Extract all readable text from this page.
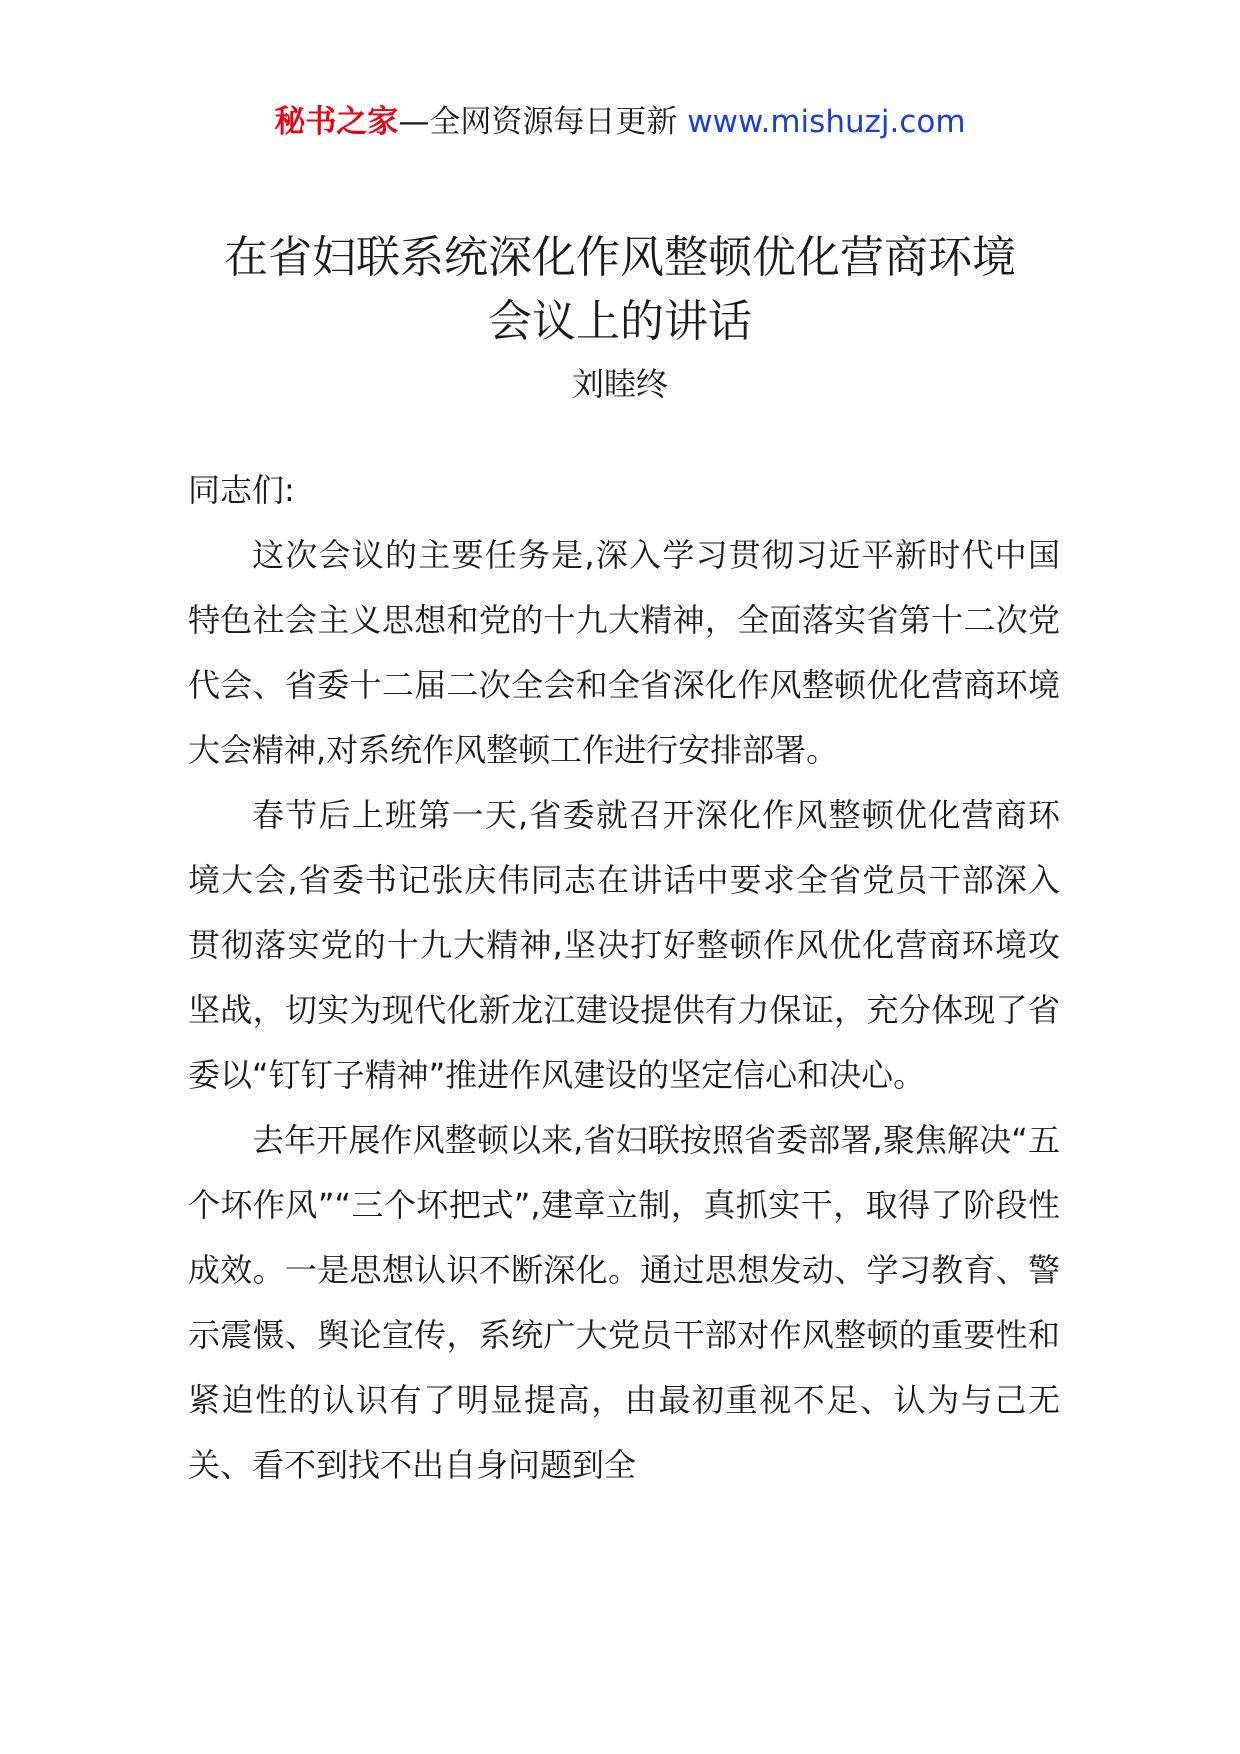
秘书之家—全网资源每日更新 www.mishuzj.com
在省妇联系统深化作风整顿优化营商环境
会议上的讲话
刘睦终

同志们:

这次会议的主要任务是,深入学习贯彻习近平新时代中国特色社会主义思想和党的十九大精神，全面落实省第十二次党代会、省委十二届二次全会和全省深化作风整顿优化营商环境大会精神,对系统作风整顿工作进行安排部署。

春节后上班第一天,省委就召开深化作风整顿优化营商环境大会,省委书记张庆伟同志在讲话中要求全省党员干部深入贯彻落实党的十九大精神,坚决打好整顿作风优化营商环境攻坚战，切实为现代化新龙江建设提供有力保证，充分体现了省委以“钉钉子精神”推进作风建设的坚定信心和决心。

去年开展作风整顿以来,省妇联按照省委部署,聚焦解决“五个坏作风”“三个坏把式”,建章立制，真抓实干，取得了阶段性成效。一是思想认识不断深化。通过思想发动、学习教育、警示震慑、舆论宣传，系统广大党员干部对作风整顿的重要性和紧迫性的认识有了明显提高，由最初重视不足、认为与己无关、看不到找不出自身问题到全
